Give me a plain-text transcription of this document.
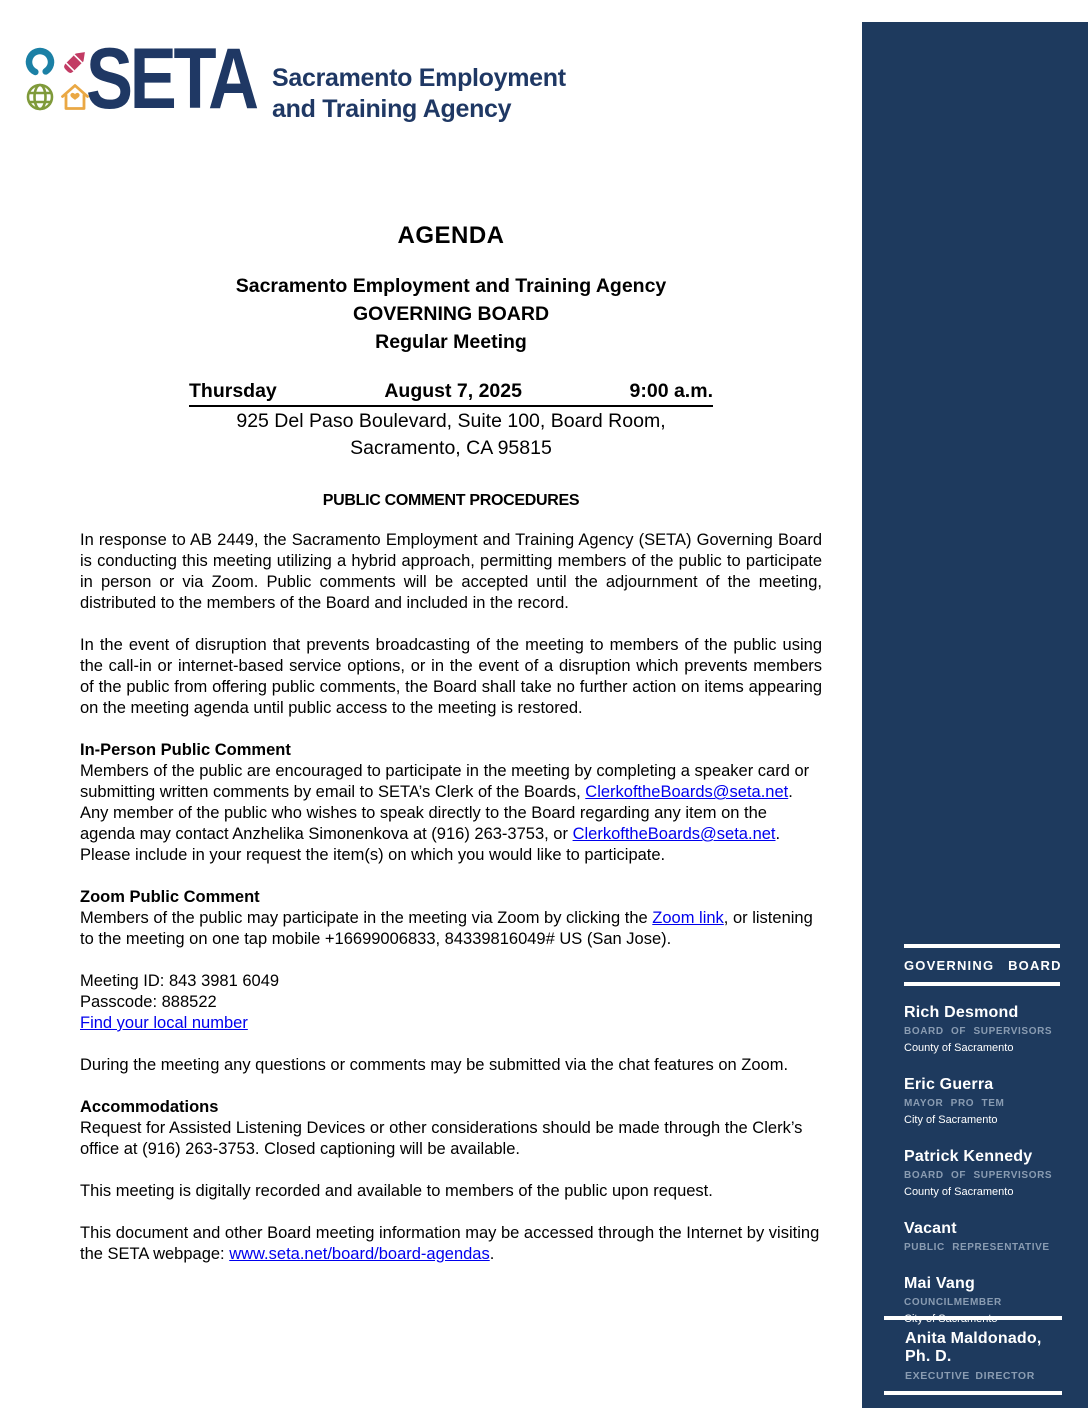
SETA Sacramento Employment
and Training Agency
AGENDA
Sacramento Employment and Training Agency
GOVERNING BOARD
Regular Meeting
Thursday	August 7, 2025	9:00 a.m.
925 Del Paso Boulevard, Suite 100, Board Room,
Sacramento, CA 95815
PUBLIC COMMENT PROCEDURES

In response to AB 2449, the Sacramento Employment and Training Agency (SETA) Governing Board is conducting this meeting utilizing a hybrid approach, permitting members of the public to participate in person or via Zoom. Public comments will be accepted until the adjournment of the meeting, distributed to the members of the Board and included in the record.

In the event of disruption that prevents broadcasting of the meeting to members of the public using the call-in or internet-based service options, or in the event of a disruption which prevents members of the public from offering public comments, the Board shall take no further action on items appearing on the meeting agenda until public access to the meeting is restored.

In-Person Public Comment

Members of the public are encouraged to participate in the meeting by completing a speaker card or submitting written comments by email to SETA’s Clerk of the Boards, ClerkoftheBoards@seta.net. Any member of the public who wishes to speak directly to the Board regarding any item on the agenda may contact Anzhelika Simonenkova at (916) 263-3753, or ClerkoftheBoards@seta.net. Please include in your request the item(s) on which you would like to participate.

Zoom Public Comment

Members of the public may participate in the meeting via Zoom by clicking the Zoom link, or listening to the meeting on one tap mobile +16699006833, 84339816049# US (San Jose).

Meeting ID: 843 3981 6049
Passcode: 888522
Find your local number

During the meeting any questions or comments may be submitted via the chat features on Zoom.

Accommodations

Request for Assisted Listening Devices or other considerations should be made through the Clerk’s office at (916) 263-3753. Closed captioning will be available.

This meeting is digitally recorded and available to members of the public upon request.

This document and other Board meeting information may be accessed through the Internet by visiting the SETA webpage: www.seta.net/board/board-agendas.

GOVERNING BOARD
Rich Desmond
BOARD OF SUPERVISORS
County of Sacramento
Eric Guerra
MAYOR PRO TEM
City of Sacramento
Patrick Kennedy
BOARD OF SUPERVISORS
County of Sacramento
Vacant
PUBLIC REPRESENTATIVE
Mai Vang
COUNCILMEMBER
Anita Maldonado, Ph. D.
EXECUTIVE DIRECTOR
